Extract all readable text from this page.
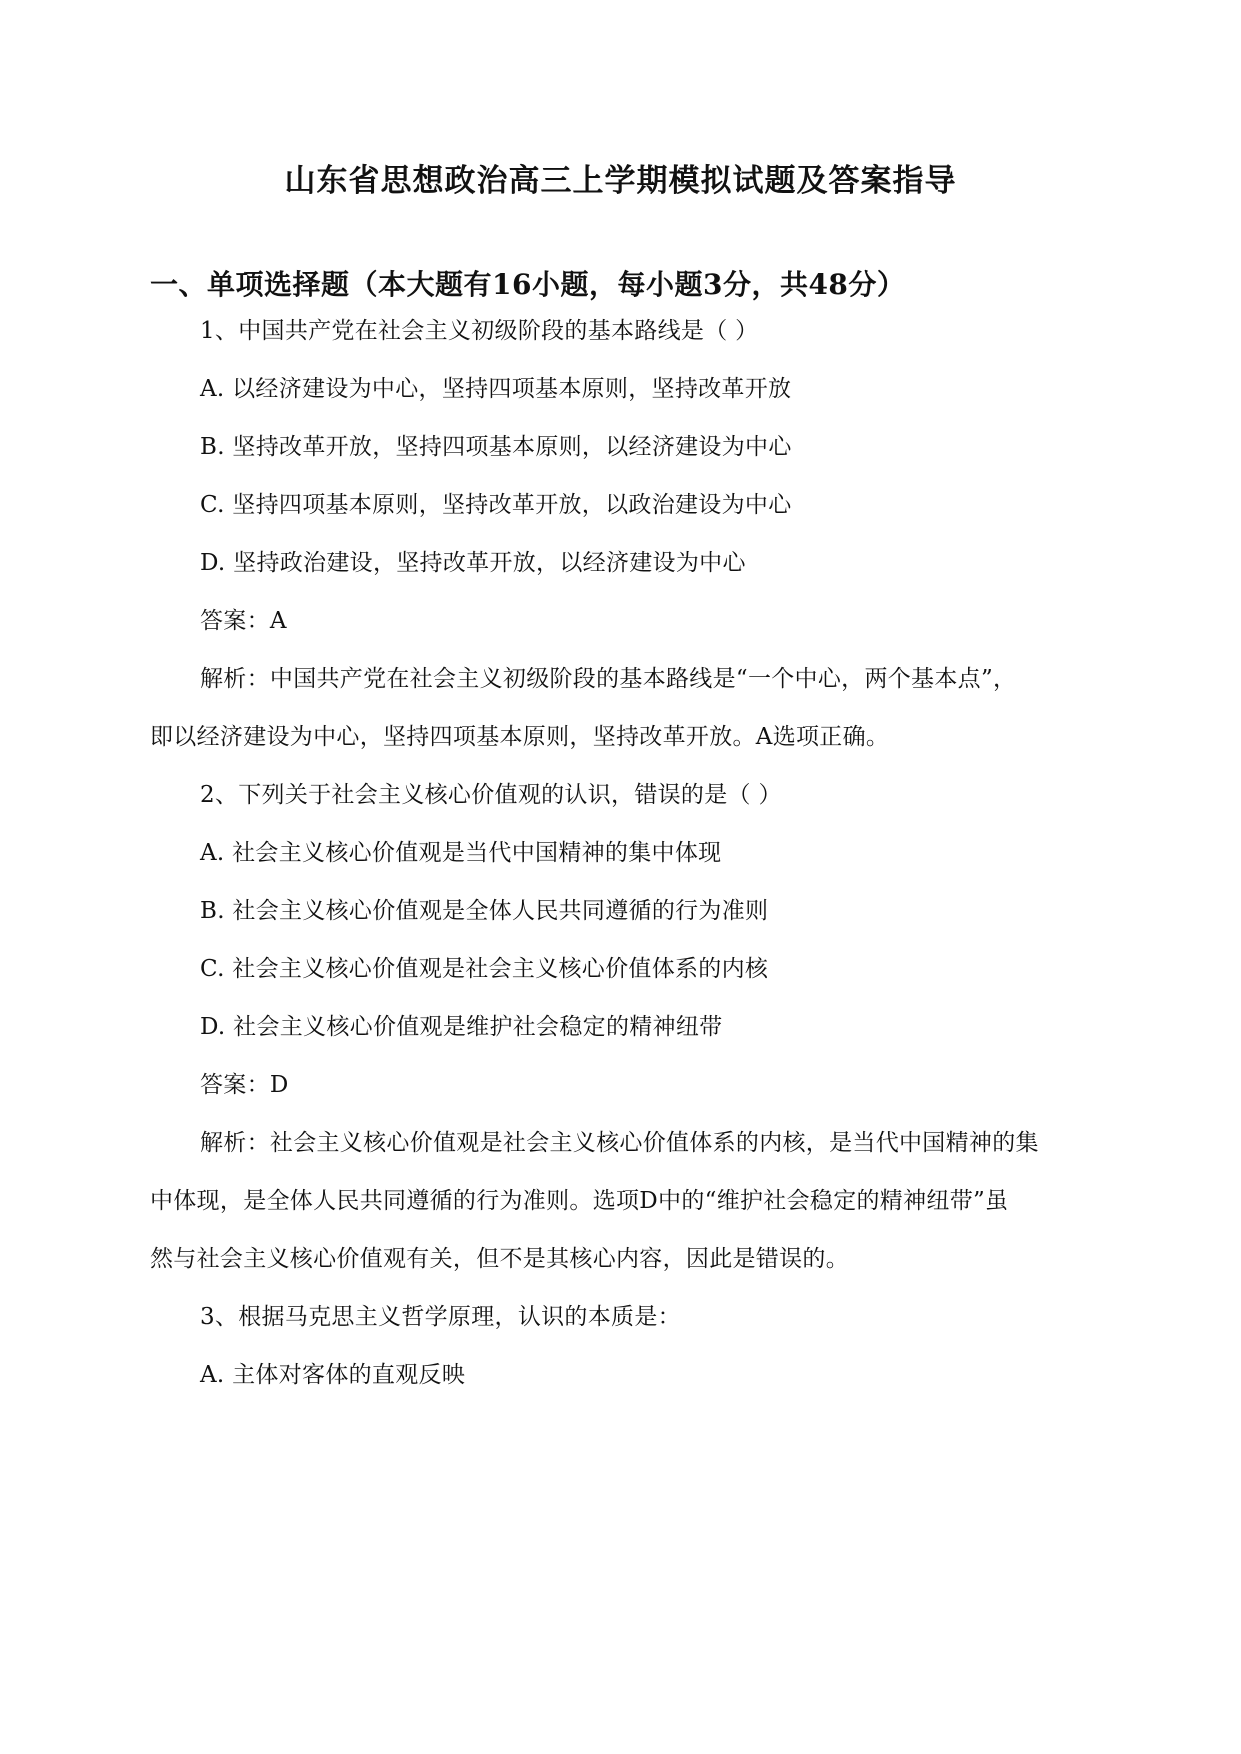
山东省思想政治高三上学期模拟试题及答案指导
一、单项选择题（本大题有16小题，每小题3分，共48分）
1、中国共产党在社会主义初级阶段的基本路线是（ ）
A. 以经济建设为中心，坚持四项基本原则，坚持改革开放
B. 坚持改革开放，坚持四项基本原则，以经济建设为中心
C. 坚持四项基本原则，坚持改革开放，以政治建设为中心
D. 坚持政治建设，坚持改革开放，以经济建设为中心
答案：A
解析：中国共产党在社会主义初级阶段的基本路线是“一个中心，两个基本点”，
即以经济建设为中心，坚持四项基本原则，坚持改革开放。A选项正确。
2、下列关于社会主义核心价值观的认识，错误的是（ ）
A. 社会主义核心价值观是当代中国精神的集中体现
B. 社会主义核心价值观是全体人民共同遵循的行为准则
C. 社会主义核心价值观是社会主义核心价值体系的内核
D. 社会主义核心价值观是维护社会稳定的精神纽带
答案：D
解析：社会主义核心价值观是社会主义核心价值体系的内核，是当代中国精神的集
中体现，是全体人民共同遵循的行为准则。选项D中的“维护社会稳定的精神纽带”虽
然与社会主义核心价值观有关，但不是其核心内容，因此是错误的。
3、根据马克思主义哲学原理，认识的本质是：
A. 主体对客体的直观反映
